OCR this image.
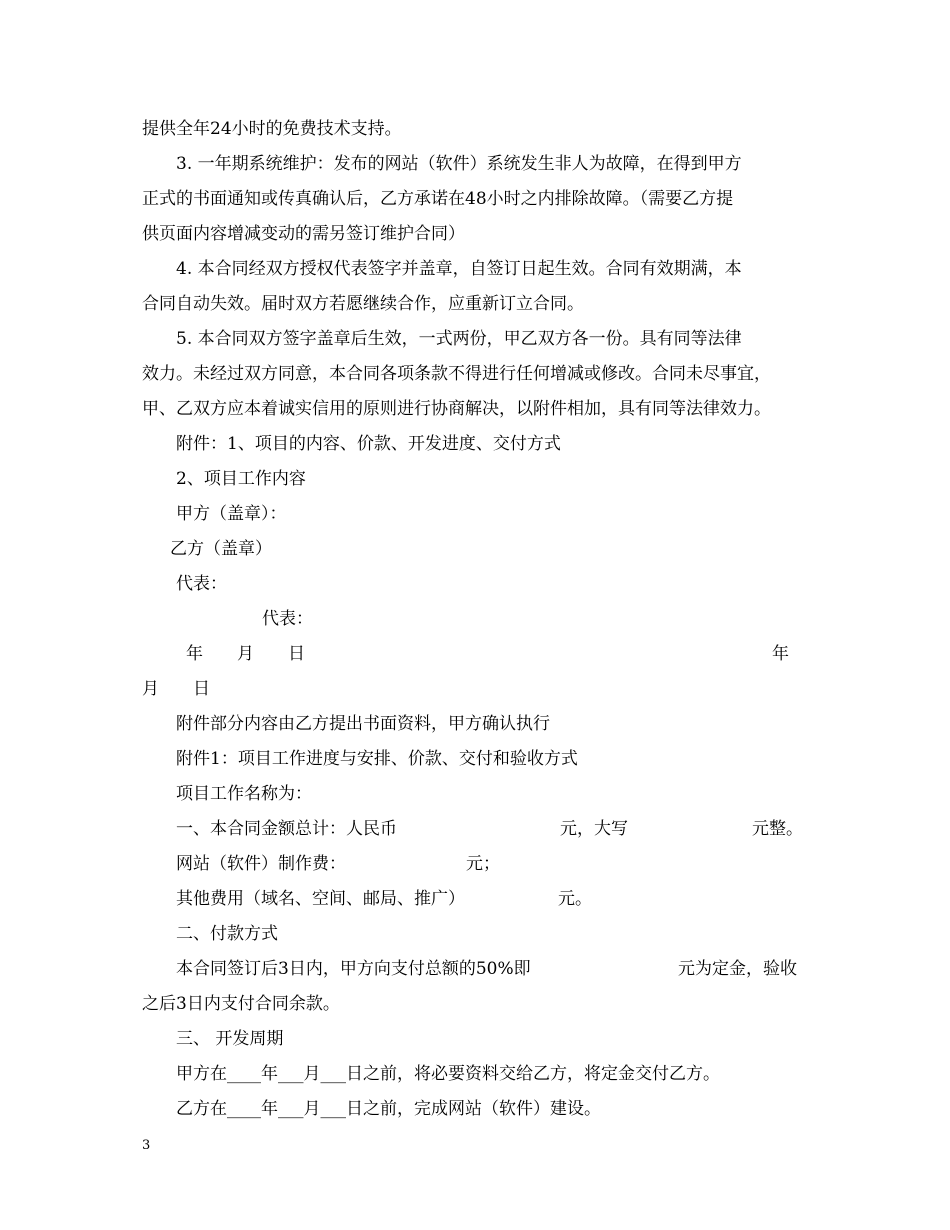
提供全年24小时的免费技术支持。
3. 一年期系统维护：发布的网站（软件）系统发生非人为故障，在得到甲方
正式的书面通知或传真确认后，乙方承诺在48小时之内排除故障。（需要乙方提
供页面内容增减变动的需另签订维护合同）
4. 本合同经双方授权代表签字并盖章，自签订日起生效。合同有效期满，本
合同自动失效。届时双方若愿继续合作，应重新订立合同。
5. 本合同双方签字盖章后生效，一式两份，甲乙双方各一份。具有同等法律
效力。未经过双方同意，本合同各项条款不得进行任何增减或修改。合同未尽事宜，
甲、乙双方应本着诚实信用的原则进行协商解决，以附件相加，具有同等法律效力。
附件：1、项目的内容、价款、开发进度、交付方式
2、项目工作内容
甲方（盖章）：
乙方（盖章）
代表：
代表：
年　　月　　日	年
月　　日
附件部分内容由乙方提出书面资料，甲方确认执行
附件1：项目工作进度与安排、价款、交付和验收方式
项目工作名称为：
一、本合同金额总计：人民币	元，大写	元整。
网站（软件）制作费：	元；
其他费用（域名、空间、邮局、推广）	元。
二、付款方式
本合同签订后3日内，甲方向支付总额的50%即	元为定金，验收
之后3日内支付合同余款。
三、 开发周期
甲方在____年___月___日之前，将必要资料交给乙方，将定金交付乙方。
乙方在____年___月___日之前，完成网站（软件）建设。
3
